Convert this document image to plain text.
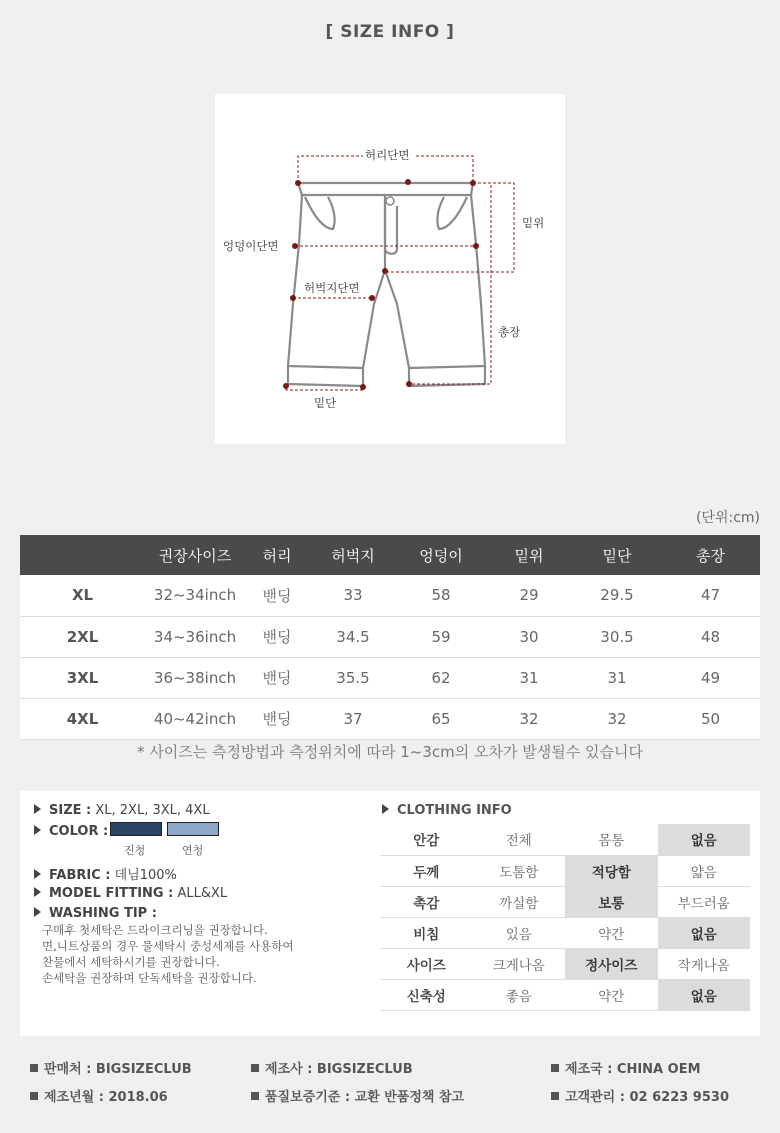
[ SIZE INFO ]
허리단면
밑위
엉덩이단면
허벅지단면
총장
밑단
(단위:cm)
	권장사이즈	허리	허벅지	엉덩이	밑위	밑단	총장
XL	32~34inch	밴딩	33	58	29	29.5	47
2XL	34~36inch	밴딩	34.5	59	30	30.5	48
3XL	36~38inch	밴딩	35.5	62	31	31	49
4XL	40~42inch	밴딩	37	65	32	32	50
* 사이즈는 측정방법과 측정위치에 따라 1~3cm의 오차가 발생될수 있습니다
SIZE : XL, 2XL, 3XL, 4XL
COLOR :
진청	연청
FABRIC : 데님100%
MODEL FITTING : ALL&XL
WASHING TIP :
구매후 첫세탁은 드라이크리닝을 권장합니다.
면,니트상품의 경우 물세탁시 중성세제를 사용하여
찬물에서 세탁하시기를 권장합니다.
손세탁을 권장하며 단독세탁을 권장합니다.
CLOTHING INFO
안감	전체	몸통	없음
두께	도톰함	적당함	얇음
촉감	까실함	보통	부드러움
비침	있음	약간	없음
사이즈	크게나옴	정사이즈	작게나옴
신축성	좋음	약간	없음
판매처 : BIGSIZECLUB	제조사 : BIGSIZECLUB	제조국 : CHINA OEM
제조년월 : 2018.06	품질보증기준 : 교환 반품정책 참고	고객관리 : 02 6223 9530
